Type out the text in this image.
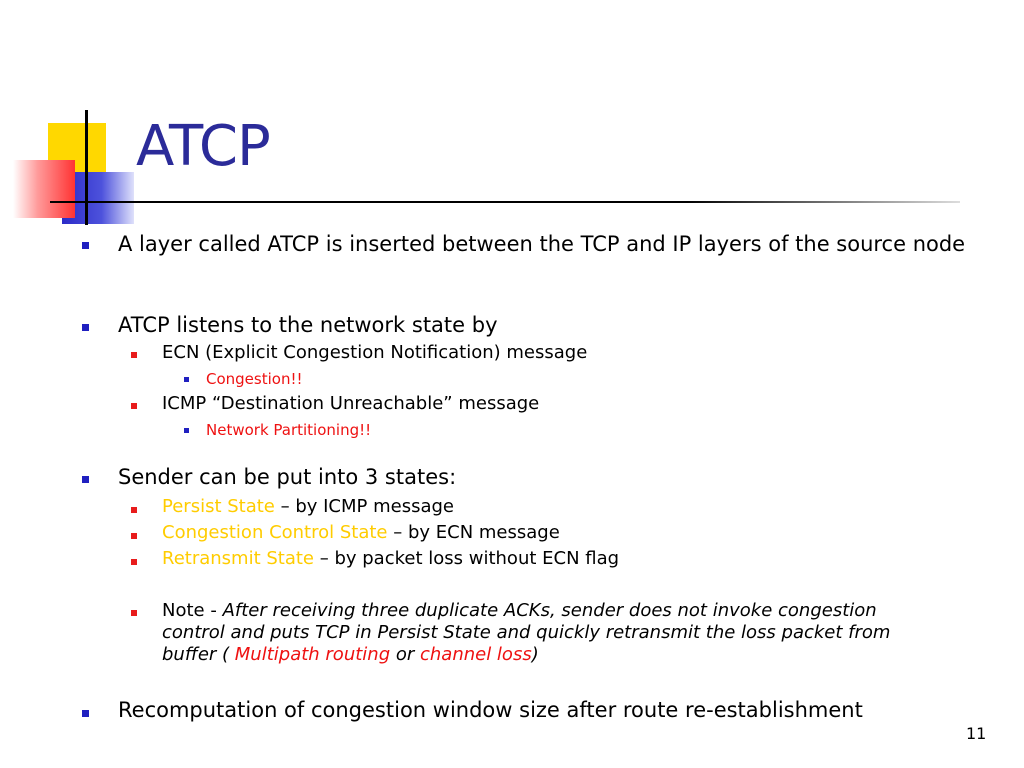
ATCP
A layer called ATCP is inserted between the TCP and IP layers of the source node
ATCP listens to the network state by
ECN (Explicit Congestion Notification) message
Congestion!!
ICMP “Destination Unreachable” message
Network Partitioning!!
Sender can be put into 3 states:
Persist State – by ICMP message
Congestion Control State – by ECN message
Retransmit State – by packet loss without ECN flag
Note - After receiving three duplicate ACKs, sender does not invoke congestion
control and puts TCP in Persist State and quickly retransmit the loss packet from
buffer ( Multipath routing or channel loss)
Recomputation of congestion window size after route re-establishment
11
